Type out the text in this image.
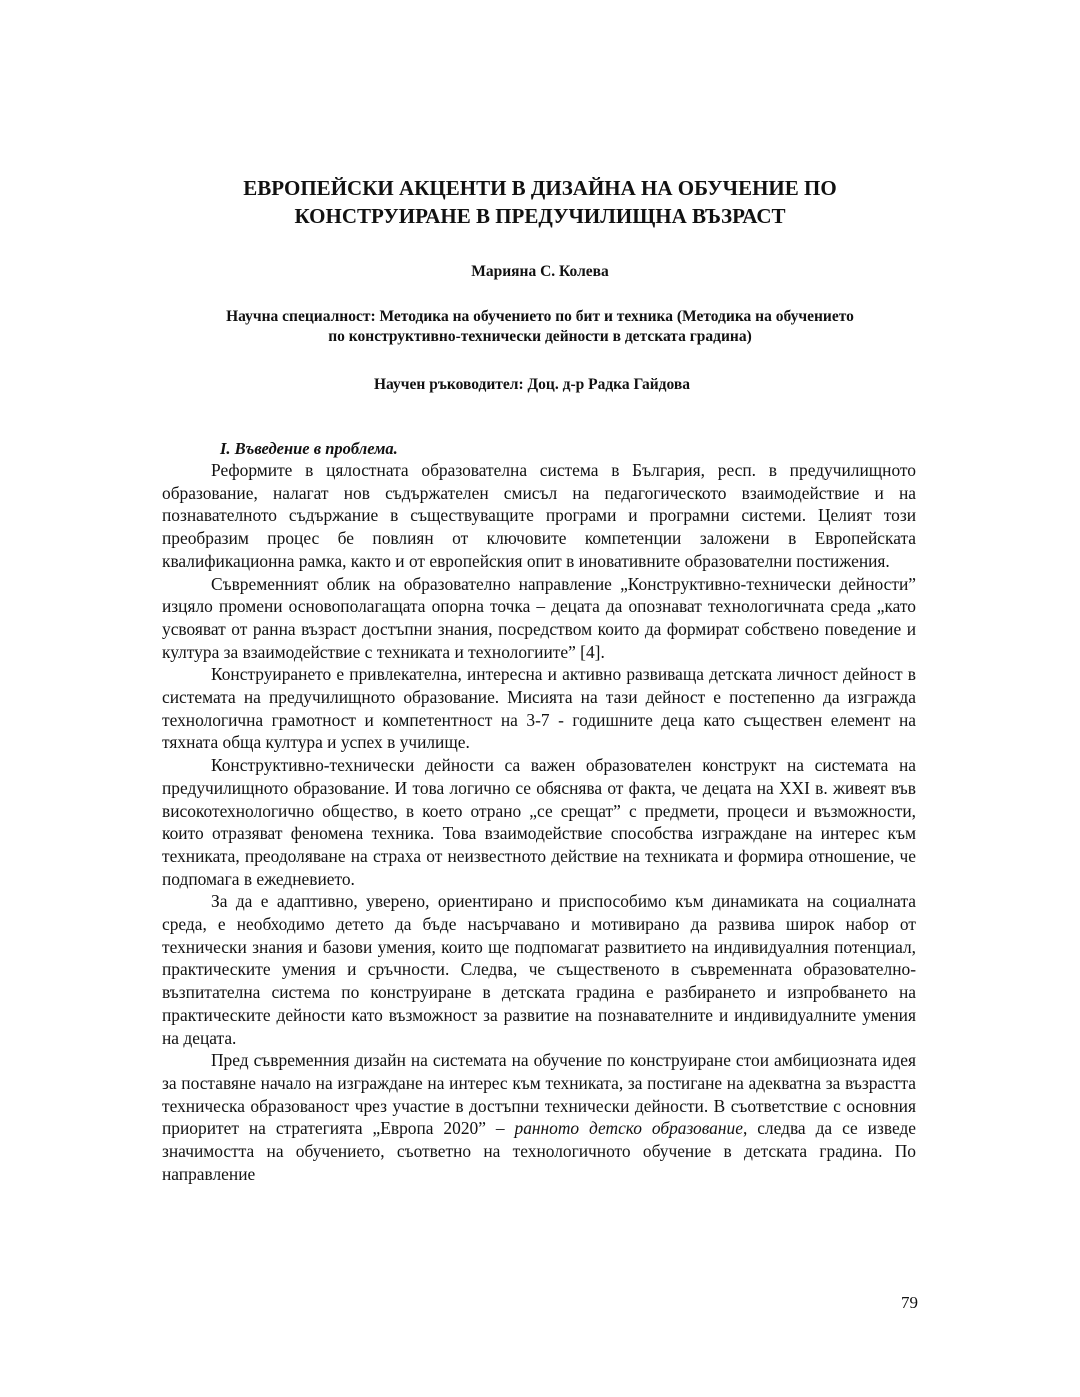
ЕВРОПЕЙСКИ АКЦЕНТИ В ДИЗАЙНА НА ОБУЧЕНИЕ ПО
КОНСТРУИРАНЕ В ПРЕДУЧИЛИЩНА ВЪЗРАСТ
Марияна С. Колева
Научна специалност: Методика на обучението по бит и техника (Методика на обучението
по конструктивно-технически дейности в детската градина)
Научен ръководител: Доц. д-р Радка Гайдова
I. Въведение в проблема.

Реформите в цялостната образователна система в България, респ. в предучилищното образование, налагат нов съдържателен смисъл на педагогическото взаимодействие и на познавателното съдържание в съществуващите програми и програмни системи. Целият този преобразим процес бе повлиян от ключовите компетенции заложени в Европейската квалификационна рамка, както и от европейския опит в иновативните образователни постижения.

Съвременният облик на образователно направление „Конструктивно-технически дейности” изцяло промени основополагащата опорна точка – децата да опознават технологичната среда „като усвояват от ранна възраст достъпни знания, посредством които да формират собствено поведение и култура за взаимодействие с техниката и технологиите” [4].

Конструирането е привлекателна, интересна и активно развиваща детската личност дейност в системата на предучилищното образование. Мисията на тази дейност е постепенно да изгражда технологична грамотност и компетентност на 3-7 - годишните деца като съществен елемент на тяхната обща култура и успех в училище.

Конструктивно-технически дейности са важен образователен конструкт на системата на предучилищното образование. И това логично се обяснява от факта, че децата на XXI в. живеят във високотехнологично общество, в което отрано „се срещат” с предмети, процеси и възможности, които отразяват феномена техника. Това взаимодействие способства изграждане на интерес към техниката, преодоляване на страха от неизвестното действие на техниката и формира отношение, че подпомага в ежедневието.

За да е адаптивно, уверено, ориентирано и приспособимо към динамиката на социалната среда, е необходимо детето да бъде насърчавано и мотивирано да развива широк набор от технически знания и базови умения, които ще подпомагат развитието на индивидуалния потенциал, практическите умения и сръчности. Следва, че същественото в съвременната образователно-възпитателна система по конструиране в детската градина е разбирането и изпробването на практическите дейности като възможност за развитие на познавателните и индивидуалните умения на децата.

Пред съвременния дизайн на системата на обучение по конструиране стои амбициозната идея за поставяне начало на изграждане на интерес към техниката, за постигане на адекватна за възрастта техническа образованост чрез участие в достъпни технически дейности. В съответствие с основния приоритет на стратегията „Европа 2020” – ранното детско образование, следва да се изведе значимостта на обучението, съответно на технологичното обучение в детската градина. По направление

79
